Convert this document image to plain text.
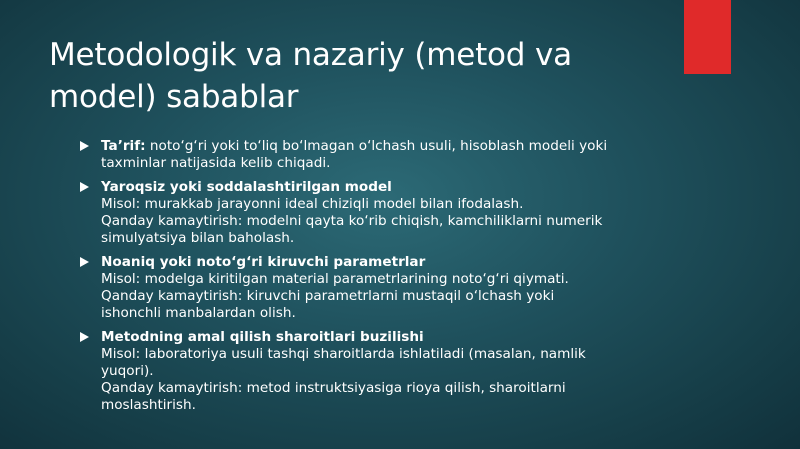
Metodologik va nazariy (metod va
model) sabablar
Ta’rif: noto‘g‘ri yoki to‘liq bo‘lmagan o‘lchash usuli, hisoblash modeli yoki
taxminlar natijasida kelib chiqadi.
Yaroqsiz yoki soddalashtirilgan model
Misol: murakkab jarayonni ideal chiziqli model bilan ifodalash.
Qanday kamaytirish: modelni qayta ko‘rib chiqish, kamchiliklarni numerik
simulyatsiya bilan baholash.
Noaniq yoki noto‘g‘ri kiruvchi parametrlar
Misol: modelga kiritilgan material parametrlarining noto‘g‘ri qiymati.
Qanday kamaytirish: kiruvchi parametrlarni mustaqil o‘lchash yoki
ishonchli manbalardan olish.
Metodning amal qilish sharoitlari buzilishi
Misol: laboratoriya usuli tashqi sharoitlarda ishlatiladi (masalan, namlik
yuqori).
Qanday kamaytirish: metod instruktsiyasiga rioya qilish, sharoitlarni
moslashtirish.
